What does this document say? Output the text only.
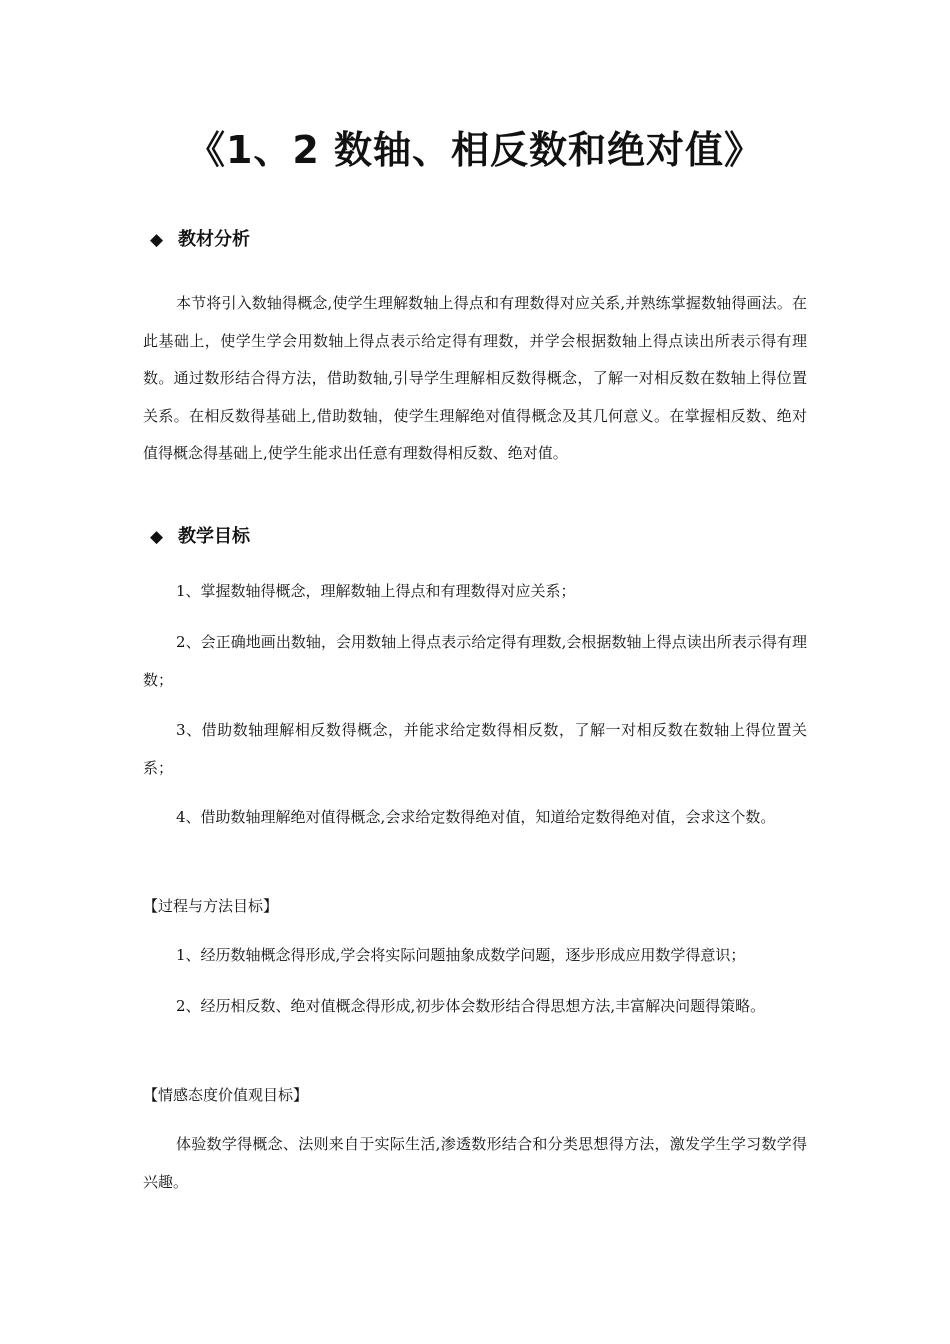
《1、2 数轴、相反数和绝对值》
◆ 教材分析
本节将引入数轴得概念,使学生理解数轴上得点和有理数得对应关系,并熟练掌握数轴得画法。在此基础上，使学生学会用数轴上得点表示给定得有理数，并学会根据数轴上得点读出所表示得有理数。通过数形结合得方法，借助数轴,引导学生理解相反数得概念，了解一对相反数在数轴上得位置关系。在相反数得基础上,借助数轴，使学生理解绝对值得概念及其几何意义。在掌握相反数、绝对值得概念得基础上,使学生能求出任意有理数得相反数、绝对值。
◆ 教学目标
1、掌握数轴得概念，理解数轴上得点和有理数得对应关系；
2、会正确地画出数轴，会用数轴上得点表示给定得有理数,会根据数轴上得点读出所表示得有理数；
3、借助数轴理解相反数得概念，并能求给定数得相反数，了解一对相反数在数轴上得位置关系；
4、借助数轴理解绝对值得概念,会求给定数得绝对值，知道给定数得绝对值，会求这个数。
【过程与方法目标】
1、经历数轴概念得形成,学会将实际问题抽象成数学问题，逐步形成应用数学得意识；
2、经历相反数、绝对值概念得形成,初步体会数形结合得思想方法,丰富解决问题得策略。
【情感态度价值观目标】
体验数学得概念、法则来自于实际生活,渗透数形结合和分类思想得方法，激发学生学习数学得兴趣。
